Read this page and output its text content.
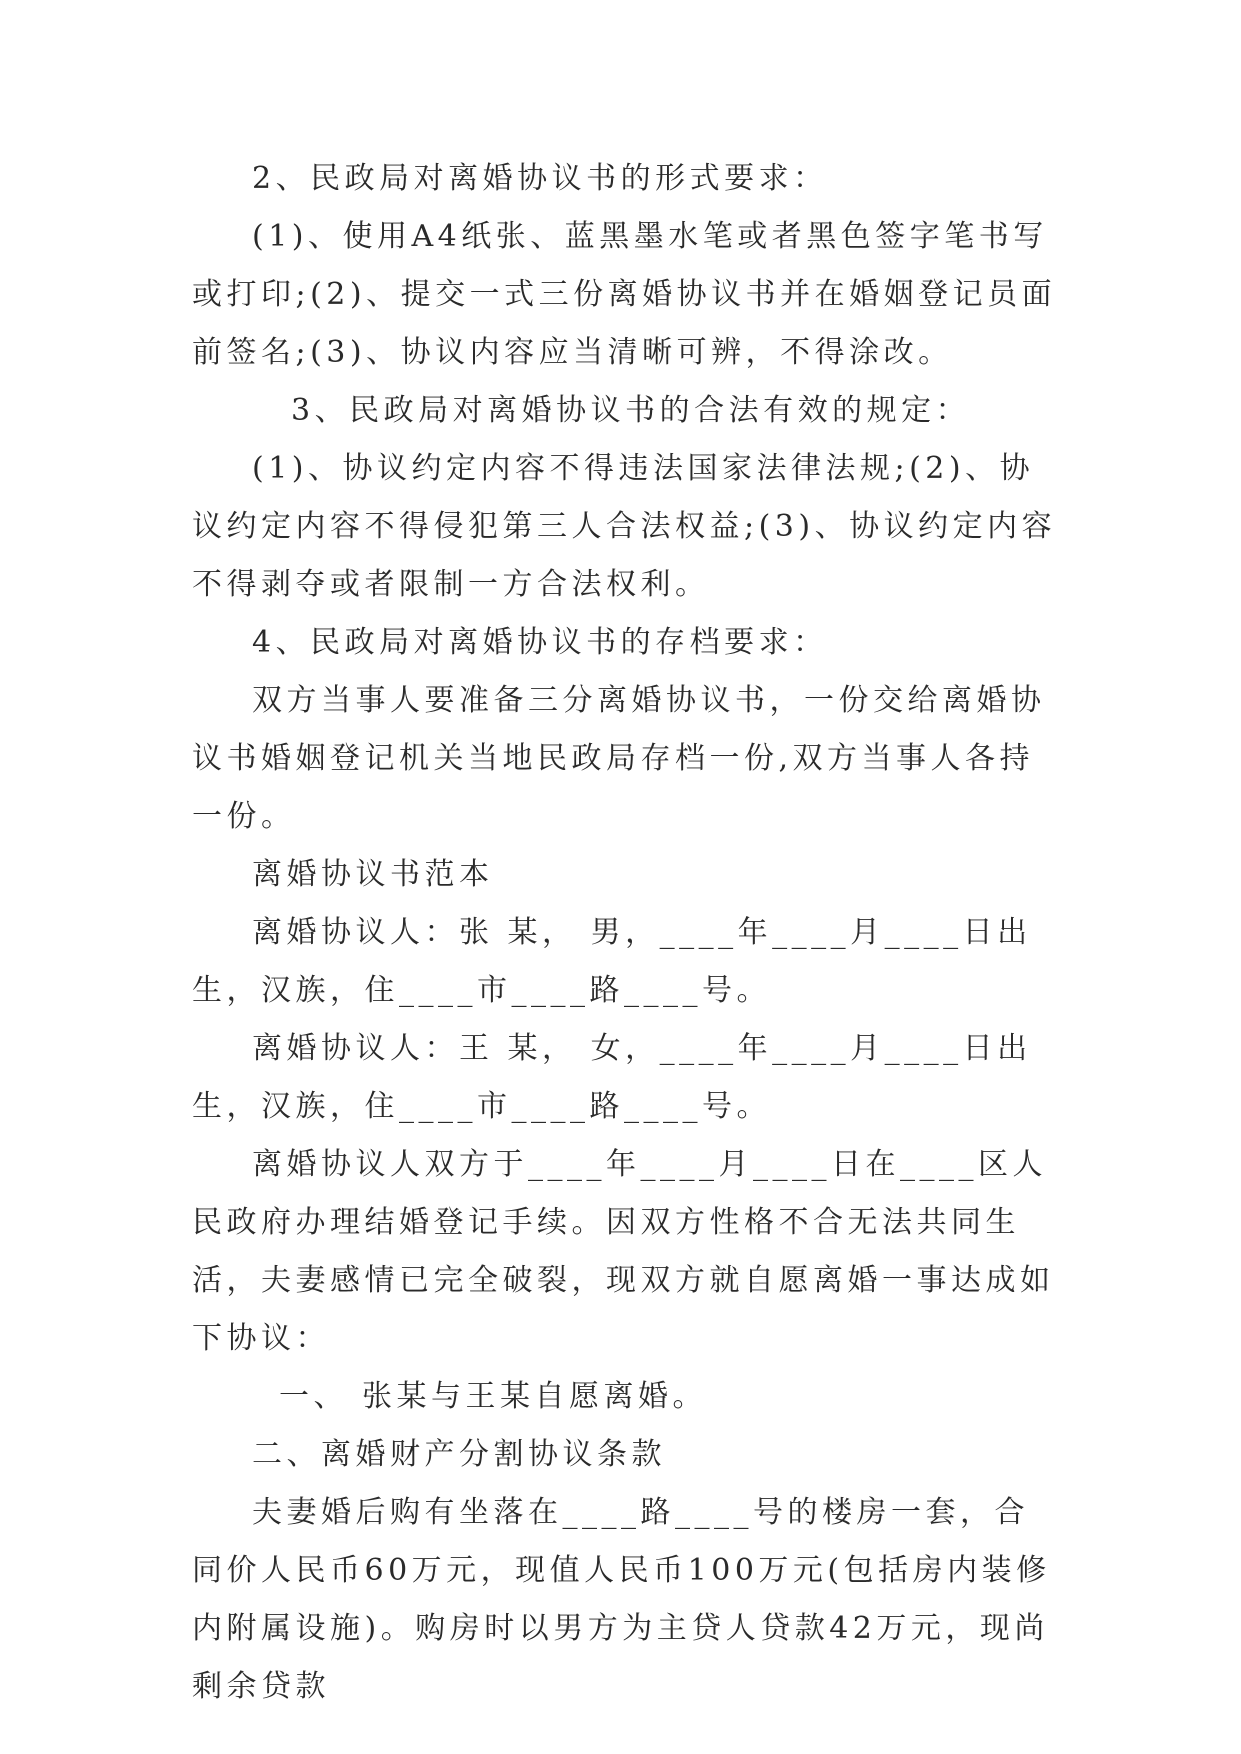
2、民政局对离婚协议书的形式要求：

(1)、使用A4纸张、蓝黑墨水笔或者黑色签字笔书写或打印;(2)、提交一式三份离婚协议书并在婚姻登记员面前签名;(3)、协议内容应当清晰可辨，不得涂改。

3、民政局对离婚协议书的合法有效的规定：

(1)、协议约定内容不得违法国家法律法规;(2)、协议约定内容不得侵犯第三人合法权益;(3)、协议约定内容不得剥夺或者限制一方合法权利。

4、民政局对离婚协议书的存档要求：

双方当事人要准备三分离婚协议书，一份交给离婚协议书婚姻登记机关当地民政局存档一份,双方当事人各持一份。

离婚协议书范本

离婚协议人：张 某， 男，____年____月____日出生，汉族，住____市____路____号。

离婚协议人：王 某， 女，____年____月____日出生，汉族，住____市____路____号。

离婚协议人双方于____年____月____日在____区人民政府办理结婚登记手续。因双方性格不合无法共同生活，夫妻感情已完全破裂，现双方就自愿离婚一事达成如下协议：

一、 张某与王某自愿离婚。

二、离婚财产分割协议条款

夫妻婚后购有坐落在____路____号的楼房一套，合同价人民币60万元，现值人民币100万元(包括房内装修内附属设施)。购房时以男方为主贷人贷款42万元，现尚剩余贷款
